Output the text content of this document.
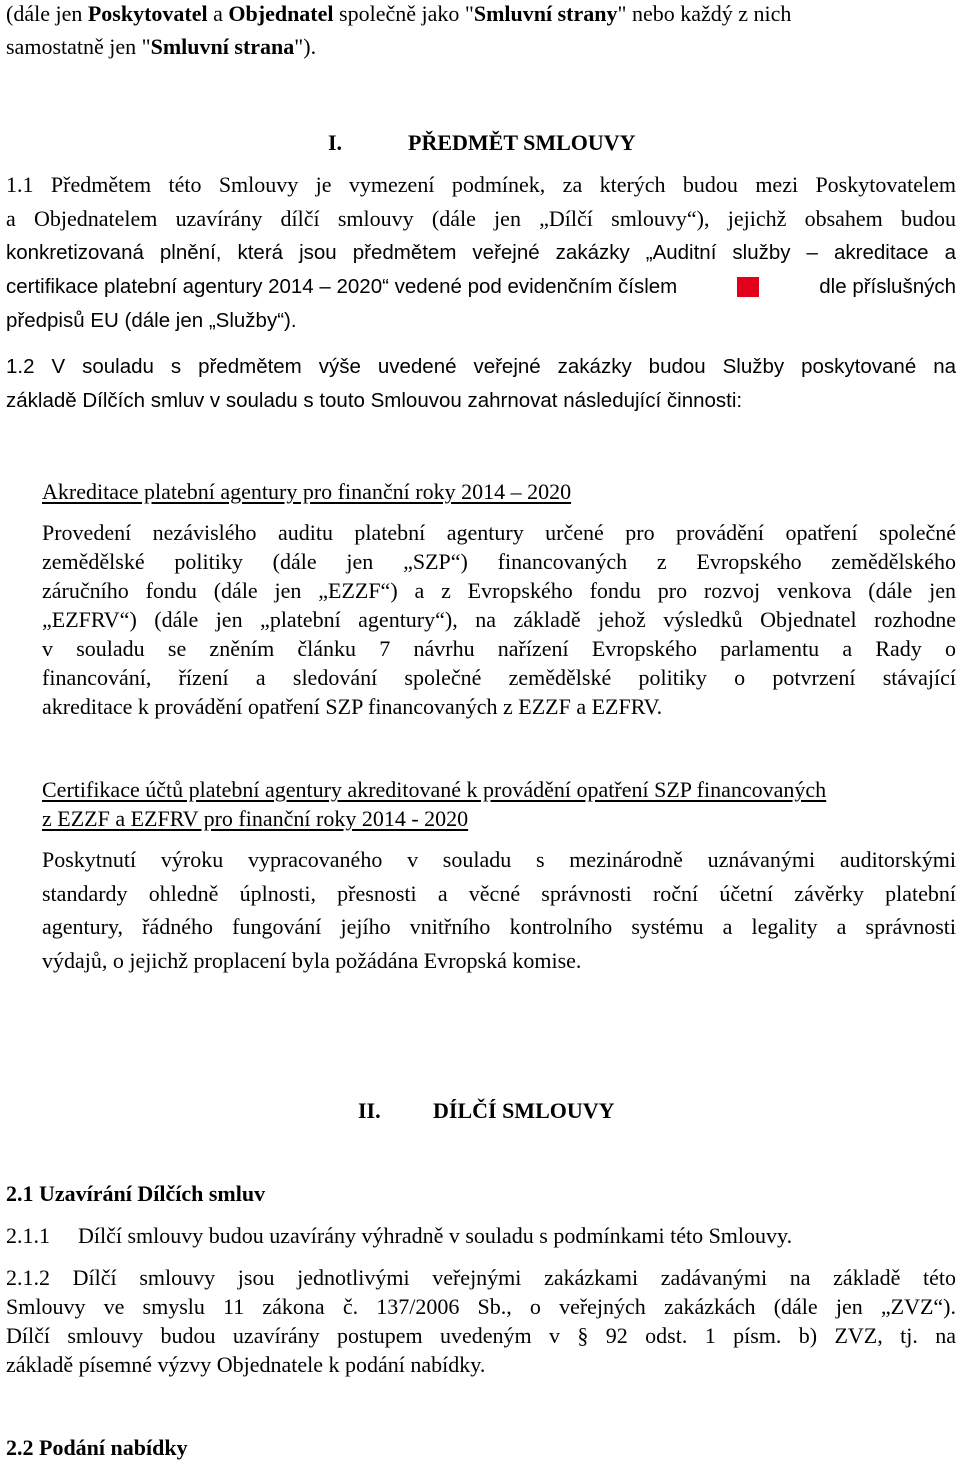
(dále jen Poskytovatel a Objednatel společně jako "Smluvní strany" nebo každý z nich
samostatně jen "Smluvní strana").
I.	PŘEDMĚT SMLOUVY
1.1 Předmětem této Smlouvy je vymezení podmínek, za kterých budou mezi Poskytovatelem
a Objednatelem uzavírány dílčí smlouvy (dále jen „Dílčí smlouvy“), jejichž obsahem budou
konkretizovaná plnění, která jsou předmětem veřejné zakázky „Auditní služby – akreditace a
certifikace platební agentury 2014 – 2020“ vedené pod evidenčním číslem	dle příslušných
předpisů EU (dále jen „Služby“).
1.2 V souladu s předmětem výše uvedené veřejné zakázky budou Služby poskytované na
základě Dílčích smluv v souladu s touto Smlouvou zahrnovat následující činnosti:
Akreditace platební agentury pro finanční roky 2014 – 2020
Provedení nezávislého auditu platební agentury určené pro provádění opatření společné
zemědělské politiky (dále jen „SZP“) financovaných z Evropského zemědělského
záručního fondu (dále jen „EZZF“) a z Evropského fondu pro rozvoj venkova (dále jen
„EZFRV“) (dále jen „platební agentury“), na základě jehož výsledků Objednatel rozhodne
v souladu se zněním článku 7 návrhu nařízení Evropského parlamentu a Rady o
financování, řízení a sledování společné zemědělské politiky o potvrzení stávající
akreditace k provádění opatření SZP financovaných z EZZF a EZFRV.
Certifikace účtů platební agentury akreditované k provádění opatření SZP financovaných
z EZZF a EZFRV pro finanční roky 2014 - 2020
Poskytnutí výroku vypracovaného v souladu s mezinárodně uznávanými auditorskými
standardy ohledně úplnosti, přesnosti a věcné správnosti roční účetní závěrky platební
agentury, řádného fungování jejího vnitřního kontrolního systému a legality a správnosti
výdajů, o jejichž proplacení byla požádána Evropská komise.
II. DÍLČÍ SMLOUVY
2.1 Uzavírání Dílčích smluv
2.1.1 Dílčí smlouvy budou uzavírány výhradně v souladu s podmínkami této Smlouvy.
2.1.2 Dílčí smlouvy jsou jednotlivými veřejnými zakázkami zadávanými na základě této
Smlouvy ve smyslu 11 zákona č. 137/2006 Sb., o veřejných zakázkách (dále jen „ZVZ“).
Dílčí smlouvy budou uzavírány postupem uvedeným v § 92 odst. 1 písm. b) ZVZ, tj. na
základě písemné výzvy Objednatele k podání nabídky.
2.2 Podání nabídky
